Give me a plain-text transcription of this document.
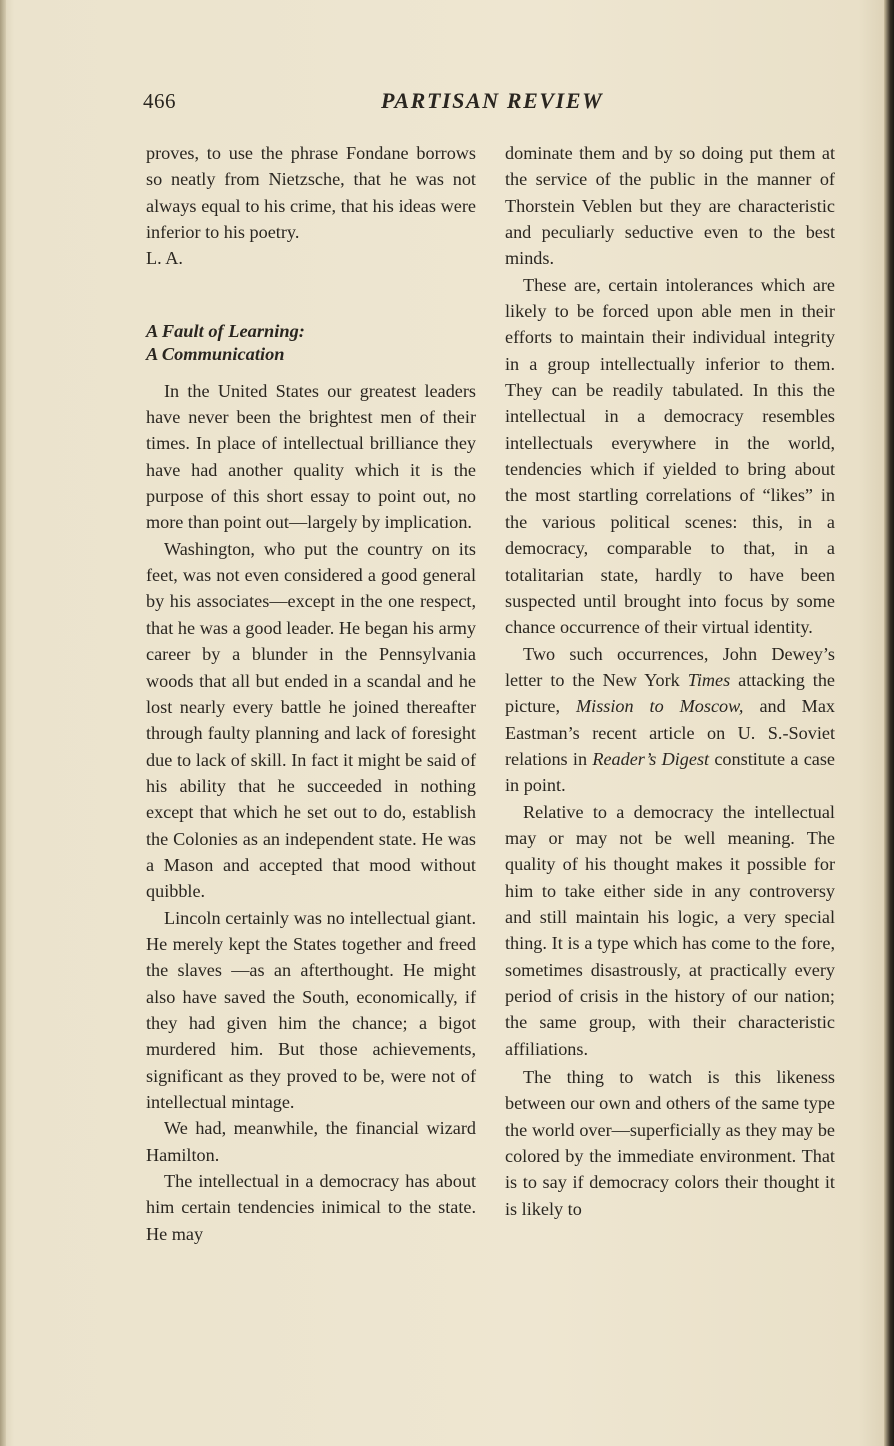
466	PARTISAN REVIEW

proves, to use the phrase Fondane borrows so neatly from Nietzsche, that he was not always equal to his crime, that his ideas were inferior to his poetry.

L. A.

A Fault of Learning:
A Communication

In the United States our greatest leaders have never been the brightest men of their times. In place of intellectual brilliance they have had another quality which it is the purpose of this short essay to point out, no more than point out—largely by implication.

Washington, who put the country on its feet, was not even considered a good general by his associates—except in the one respect, that he was a good leader. He began his army career by a blunder in the Pennsylvania woods that all but ended in a scandal and he lost nearly every battle he joined thereafter through faulty planning and lack of foresight due to lack of skill. In fact it might be said of his ability that he succeeded in nothing except that which he set out to do, establish the Colonies as an independent state. He was a Mason and accepted that mood without quibble.

Lincoln certainly was no intellectual giant. He merely kept the States together and freed the slaves —as an afterthought. He might also have saved the South, economically, if they had given him the chance; a bigot murdered him. But those achievements, significant as they proved to be, were not of intellectual mintage.

We had, meanwhile, the financial wizard Hamilton.

The intellectual in a democracy has about him certain tendencies inimical to the state. He may

dominate them and by so doing put them at the service of the public in the manner of Thorstein Veblen but they are characteristic and peculiarly seductive even to the best minds.

These are, certain intolerances which are likely to be forced upon able men in their efforts to maintain their individual integrity in a group intellectually inferior to them. They can be readily tabulated. In this the intellectual in a democracy resembles intellectuals everywhere in the world, tendencies which if yielded to bring about the most startling correlations of “likes” in the various political scenes: this, in a democracy, comparable to that, in a totalitarian state, hardly to have been suspected until brought into focus by some chance occurrence of their virtual identity.

Two such occurrences, John Dewey’s letter to the New York Times attacking the picture, Mission to Moscow, and Max Eastman’s recent article on U. S.-Soviet relations in Reader’s Digest constitute a case in point.

Relative to a democracy the intellectual may or may not be well meaning. The quality of his thought makes it possible for him to take either side in any controversy and still maintain his logic, a very special thing. It is a type which has come to the fore, sometimes disastrously, at practically every period of crisis in the history of our nation; the same group, with their characteristic affiliations.

The thing to watch is this likeness between our own and others of the same type the world over—superficially as they may be colored by the immediate environment. That is to say if democracy colors their thought it is likely to
